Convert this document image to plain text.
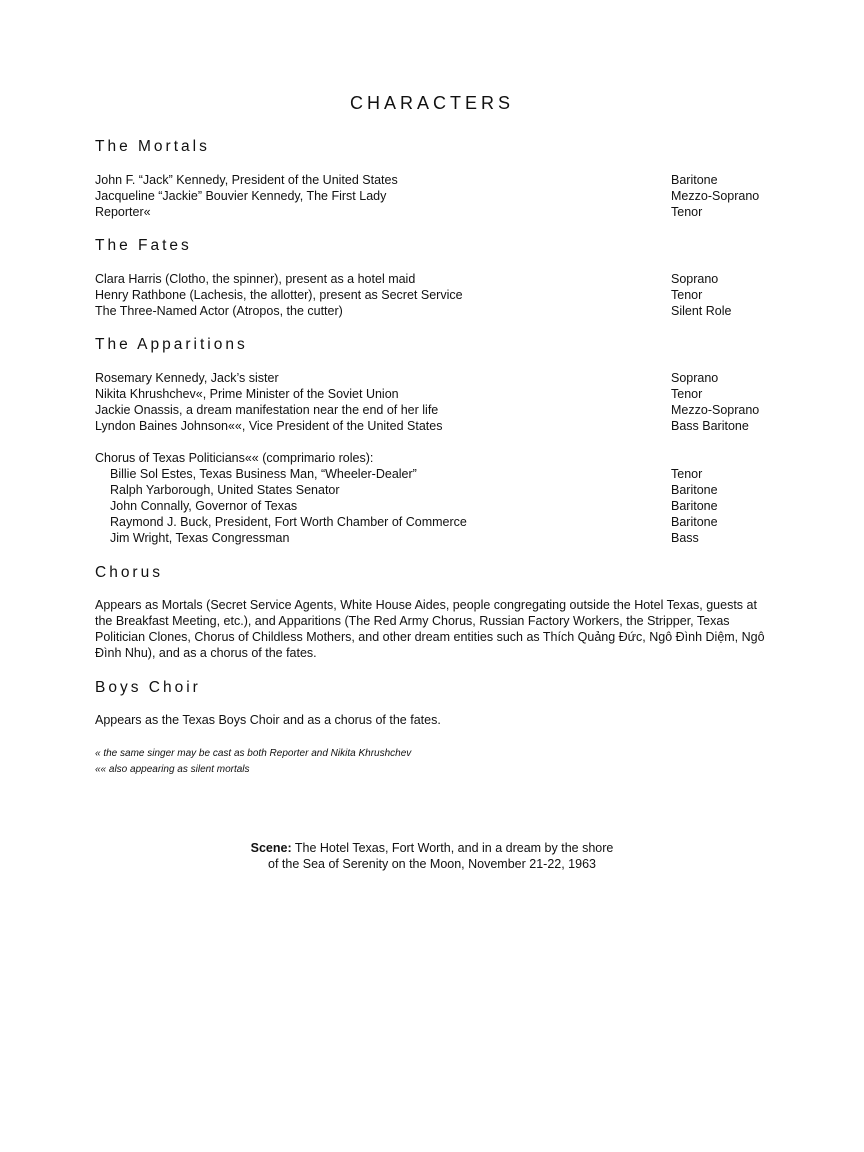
CHARACTERS
The Mortals
John F. “Jack” Kennedy, President of the United States	Baritone
Jacqueline “Jackie” Bouvier Kennedy, The First Lady	Mezzo-Soprano
Reporter«	Tenor
The Fates
Clara Harris (Clotho, the spinner), present as a hotel maid	Soprano
Henry Rathbone (Lachesis, the allotter), present as Secret Service	Tenor
The Three-Named Actor (Atropos, the cutter)	Silent Role
The Apparitions
Rosemary Kennedy, Jack’s sister	Soprano
Nikita Khrushchev«, Prime Minister of the Soviet Union	Tenor
Jackie Onassis, a dream manifestation near the end of her life	Mezzo-Soprano
Lyndon Baines Johnson««, Vice President of the United States	Bass Baritone
Chorus of Texas Politicians«« (comprimario roles):
Billie Sol Estes, Texas Business Man, “Wheeler-Dealer”	Tenor
Ralph Yarborough, United States Senator	Baritone
John Connally, Governor of Texas	Baritone
Raymond J. Buck, President, Fort Worth Chamber of Commerce	Baritone
Jim Wright, Texas Congressman	Bass
Chorus

Appears as Mortals (Secret Service Agents, White House Aides, people congregating outside the Hotel Texas, guests at the Breakfast Meeting, etc.), and Apparitions (The Red Army Chorus, Russian Factory Workers, the Stripper, Texas Politician Clones, Chorus of Childless Mothers, and other dream entities such as Thích Quảng Đức, Ngô Đình Diệm, Ngô Đình Nhu), and as a chorus of the fates.

Boys Choir

Appears as the Texas Boys Choir and as a chorus of the fates.

« the same singer may be cast as both Reporter and Nikita Khrushchev
«« also appearing as silent mortals
Scene: The Hotel Texas, Fort Worth, and in a dream by the shore
of the Sea of Serenity on the Moon, November 21-22, 1963
